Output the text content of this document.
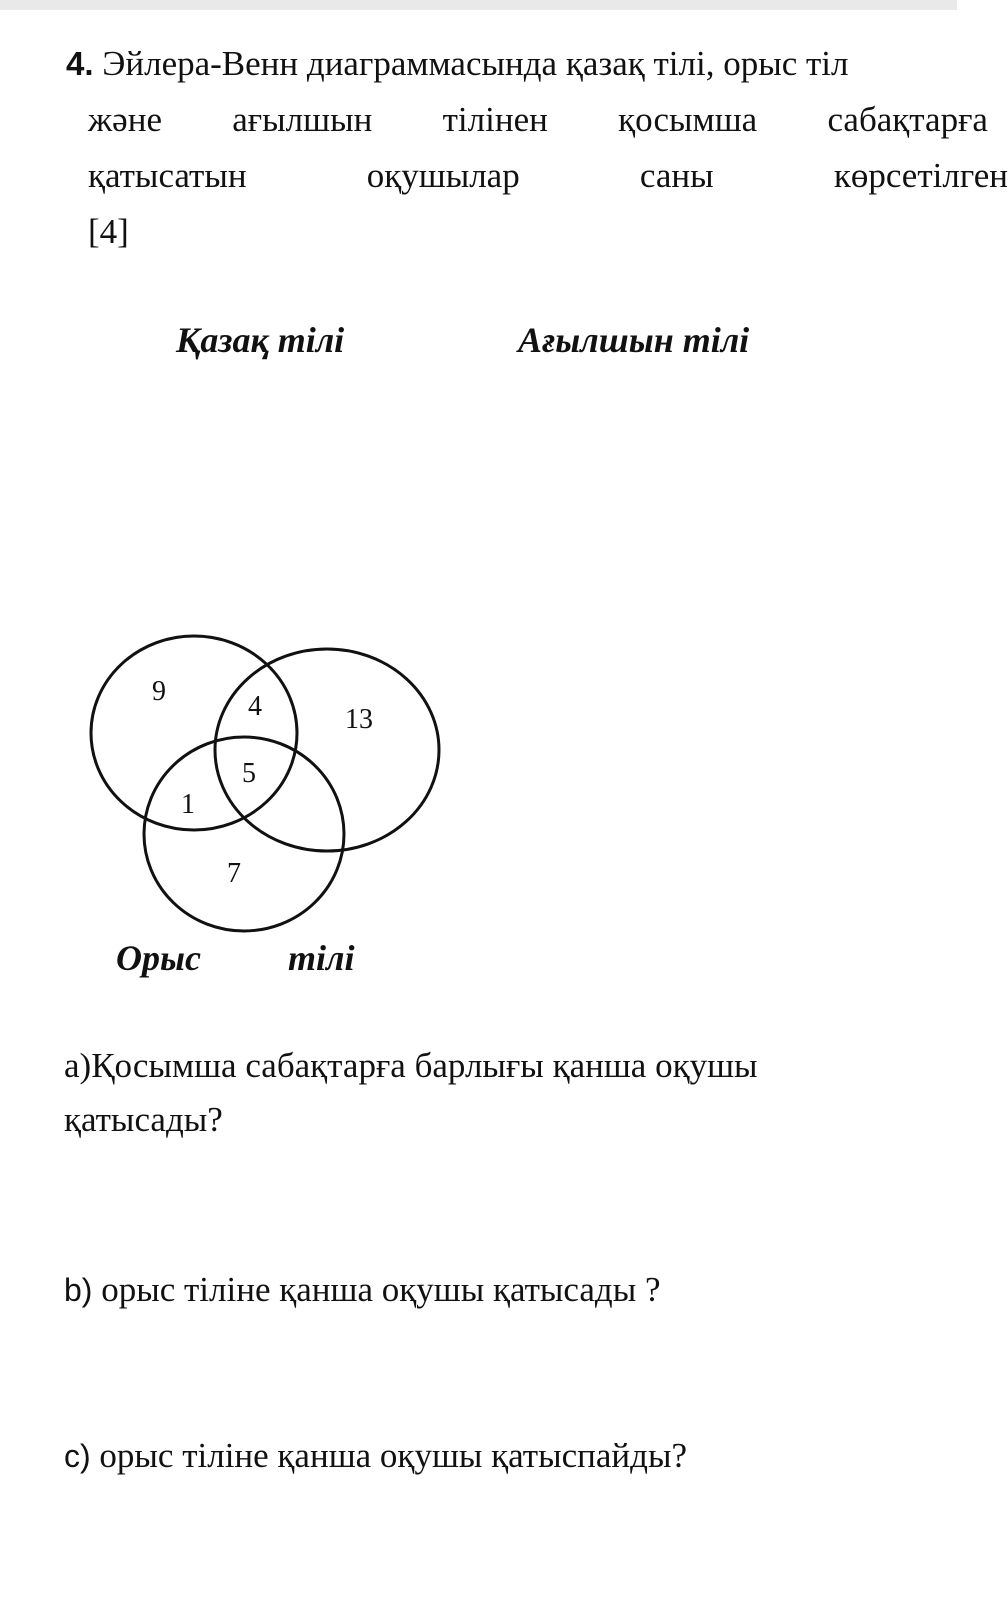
4. Эйлера-Венн диаграммасында қазақ тілі, орыс тіл
және ағылшын тілінен қосымша сабақтарға
қатысатын	оқушылар	саны	көрсетілген
[4]
Қазақ тілі	Ағылшын тілі
9	4	13
5
1
7
Орыс тілі
a)Қосымша сабақтарға барлығы қанша оқушы
қатысады?
b) орыс тіліне қанша оқушы қатысады ?
c) орыс тіліне қанша оқушы қатыспайды?
